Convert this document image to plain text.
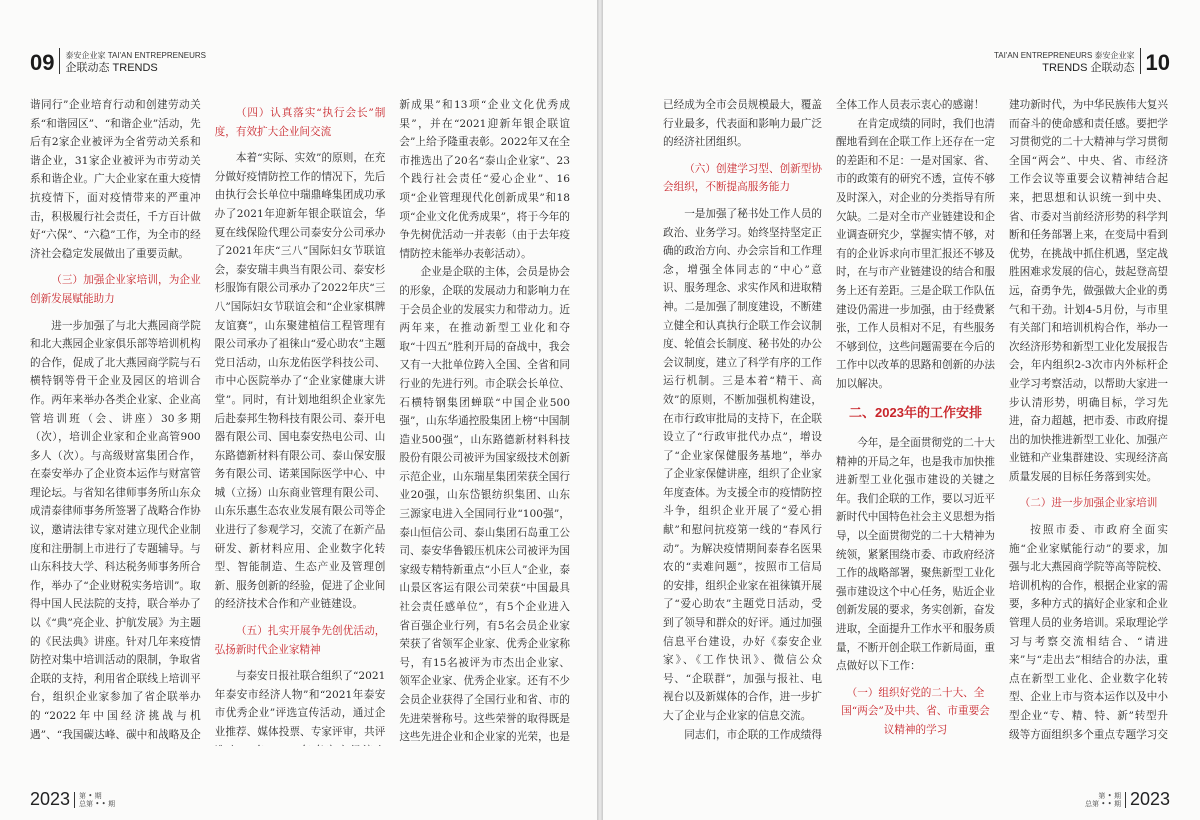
09 泰安企业家 TAI'AN ENTREPRENEURS
企联动态 TRENDS

谐同行”企业培育行动和创建劳动关系“和谐园区”、“和谐企业”活动，先后有2家企业被评为全省劳动关系和谐企业，31家企业被评为市劳动关系和谐企业。广大企业家在重大疫情抗疫情下，面对疫情带来的严重冲击，积极履行社会责任，千方百计做好“六保”、“六稳”工作，为全市的经济社会稳定发展做出了重要贡献。

（三）加强企业家培训，为企业创新发展赋能助力

进一步加强了与北大燕园商学院和北大燕园企业家俱乐部等培训机构的合作，促成了北大燕园商学院与石横特钢等骨干企业及园区的培训合作。两年来举办各类企业家、企业高管培训班（会、讲座）30多期（次），培训企业家和企业高管900多人（次）。与高级财富集团合作，在泰安举办了企业资本运作与财富管理论坛。与省知名律师事务所山东众成清泰律师事务所签署了战略合作协议，邀请法律专家对建立现代企业制度和注册制上市进行了专题辅导。与山东科技大学、科达税务师事务所合作，举办了“企业财税实务培训”。取得中国人民法院的支持，联合举办了以《“典”亮企业、护航发展》为主题的《民法典》讲座。针对几年来疫情防控对集中培训活动的限制，争取省企联的支持，利用省企联线上培训平台，组织企业家参加了省企联举办的“2022年中国经济挑战与机遇”、“我国碳达峰、碳中和战略及企

（四）认真落实“执行会长”制度，有效扩大企业间交流

本着“实际、实效”的原则，在充分做好疫情防控工作的情况下，先后由执行会长单位中瑞鼎峰集团成功承办了2021年迎新年银企联谊会，华夏在线保险代理公司泰安分公司承办了2021年庆“三八”国际妇女节联谊会，泰安瑞丰典当有限公司、泰安杉杉服饰有限公司承办了2022年庆“三八”国际妇女节联谊会和“企业家棋牌友谊赛”，山东聚建植信工程管理有限公司承办了祖徕山“爱心助农”主题党日活动，山东龙佑医学科技公司、市中心医院举办了“企业家健康大讲堂”。同时，有计划地组织企业家先后赴泰邦生物科技有限公司、泰开电器有限公司、国电泰安热电公司、山东路德新材料有限公司、泰山保安服务有限公司、诺莱国际医学中心、中城（立扬）山东商业管理有限公司、山东乐惠生态农业发展有限公司等企业进行了参观学习，交流了在新产品研发、新材料应用、企业数字化转型、智能制造、生态产业及管理创新、服务创新的经验，促进了企业间的经济技术合作和产业链建设。

（五）扎实开展争先创优活动，弘扬新时代企业家精神

与泰安日报社联合组织了“2021年泰安市经济人物”和“2021年泰安市优秀企业”评选宣传活动，通过企业推荐、媒体投票、专家评审，共评

新成果”和13项“企业文化优秀成果”，并在“2021迎新年银企联谊会”上给予隆重表彰。2022年又在全市推选出了20名“泰山企业家”、23个践行社会责任“爱心企业”、16项“企业管理现代化创新成果”和18项“企业文化优秀成果”，将于今年的争先树优活动一并表彰（由于去年疫情防控未能举办表彰活动）。

企业是企联的主体，会员是协会的形象，企联的发展动力和影响力在于会员企业的发展实力和带动力。近两年来，在推动新型工业化和夺取“十四五”胜利开局的奋战中，我会又有一大批单位跨入全国、全省和同行业的先进行列。市企联会长单位、石横特钢集团蝉联“中国企业500强”，山东华通控股集团上榜“中国制造业500强”，山东路德新材料科技股份有限公司被评为国家级技术创新示范企业，山东瑞星集团荣获全国行业20强，山东岱银纺织集团、山东三源家电进入全国同行业“100强”，泰山恒信公司、泰山集团石岛重工公司、泰安华鲁锻压机床公司被评为国家级专精特新重点“小巨人”企业，泰山景区客运有限公司荣获“中国最具社会责任感单位”，有5个企业进入省百强企业行列，有5名会员企业家荣获了省领军企业家、优秀企业家称号，有15名被评为市杰出企业家、领军企业家、优秀企业家。还有不少会员企业获得了全国行业和省、市的先进荣誉称号。这些荣誉的取得既是这些先进企业和企业家的光荣，也是

2023 第 • 期
总第 • • 期
TAI'AN ENTREPRENEURS 泰安企业家
TRENDS 企联动态 10

已经成为全市会员规模最大，覆盖行业最多，代表面和影响力最广泛的经济社团组织。

（六）创建学习型、创新型协会组织，不断提高服务能力

一是加强了秘书处工作人员的政治、业务学习。始终坚持坚定正确的政治方向、办会宗旨和工作理念，增强全体同志的“中心”意识、服务理念、求实作风和进取精神。二是加强了制度建设，不断建立健全和认真执行企联工作会议制度、轮值会长制度、秘书处的办公会议制度，建立了科学有序的工作运行机制。三是本着“精干、高效”的原则，不断加强机构建设，在市行政审批局的支持下，在企联设立了“行政审批代办点”，增设了“企业家保健服务基地”，举办了企业家保健讲座，组织了企业家年度查体。为支援全市的疫情防控斗争，组织企业开展了“爱心捐献”和慰问抗疫第一线的“春风行动”。为解决疫情期间泰春名医果农的“卖难问题”，按照市工信局的安排，组织企业家在祖徕镇开展了“爱心助农”主题党日活动，受到了领导和群众的好评。通过加强信息平台建设，办好《泰安企业家》、《工作快讯》、微信公众号、“企联群”，加强与报社、电视台以及新媒体的合作，进一步扩大了企业与企业家的信息交流。

同志们，市企联的工作成绩得

全体工作人员表示衷心的感谢！

在肯定成绩的同时，我们也清醒地看到在企联工作上还存在一定的差距和不足：一是对国家、省、市的政策有的研究不透，宣传不够及时深入，对企业的分类指导有所欠缺。二是对全市产业链建设和企业调查研究少，掌握实情不够，对有的企业诉求向市里汇报还不够及时，在与市产业链建设的结合和服务上还有差距。三是企联工作队伍建设仍需进一步加强，由于经费紧张，工作人员相对不足，有些服务不够到位，这些问题需要在今后的工作中以改革的思路和创新的办法加以解决。

二、2023年的工作安排

今年，是全面贯彻党的二十大精神的开局之年，也是我市加快推进新型工业化强市建设的关键之年。我们企联的工作，要以习近平新时代中国特色社会主义思想为指导，以全面贯彻党的二十大精神为统领，紧紧围绕市委、市政府经济工作的战略部署，聚焦新型工业化强市建设这个中心任务，贴近企业创新发展的要求，务实创新，奋发进取，全面提升工作水平和服务质量，不断开创企联工作新局面，重点做好以下工作：

（一）组织好党的二十大、全国“两会”及中共、省、市重要会议精神的学习

建功新时代，为中华民族伟大复兴而奋斗的使命感和责任感。要把学习贯彻党的二十大精神与学习贯彻全国“两会”、中央、省、市经济工作会议等重要会议精神结合起来，把思想和认识统一到中央、省、市委对当前经济形势的科学判断和任务部署上来，在变局中看到优势，在挑战中抓住机遇，坚定战胜困难求发展的信心，鼓起登高望远，奋勇争先，做强做大企业的勇气和干劲。计划4-5月份，与市里有关部门和培训机构合作，举办一次经济形势和新型工业化发展报告会，年内组织2-3次市内外标杆企业学习考察活动，以帮助大家进一步认清形势，明确目标，学习先进，奋力超越，把市委、市政府提出的加快推进新型工业化、加强产业链和产业集群建设、实现经济高质量发展的目标任务落到实处。

（二）进一步加强企业家培训

按照市委、市政府全面实施“企业家赋能行动”的要求，加强与北大燕园商学院等高等院校、培训机构的合作，根据企业家的需要，多种方式的搞好企业家和企业管理人员的业务培训。采取理论学习与考察交流相结合、“请进来”与“走出去”相结合的办法，重点在新型工业化、企业数字化转型、企业上市与资本运作以及中小型企业“专、精、特、新”转型升级等方面组织多个重点专题学习交

第 • 期
总第 • • 期 2023
